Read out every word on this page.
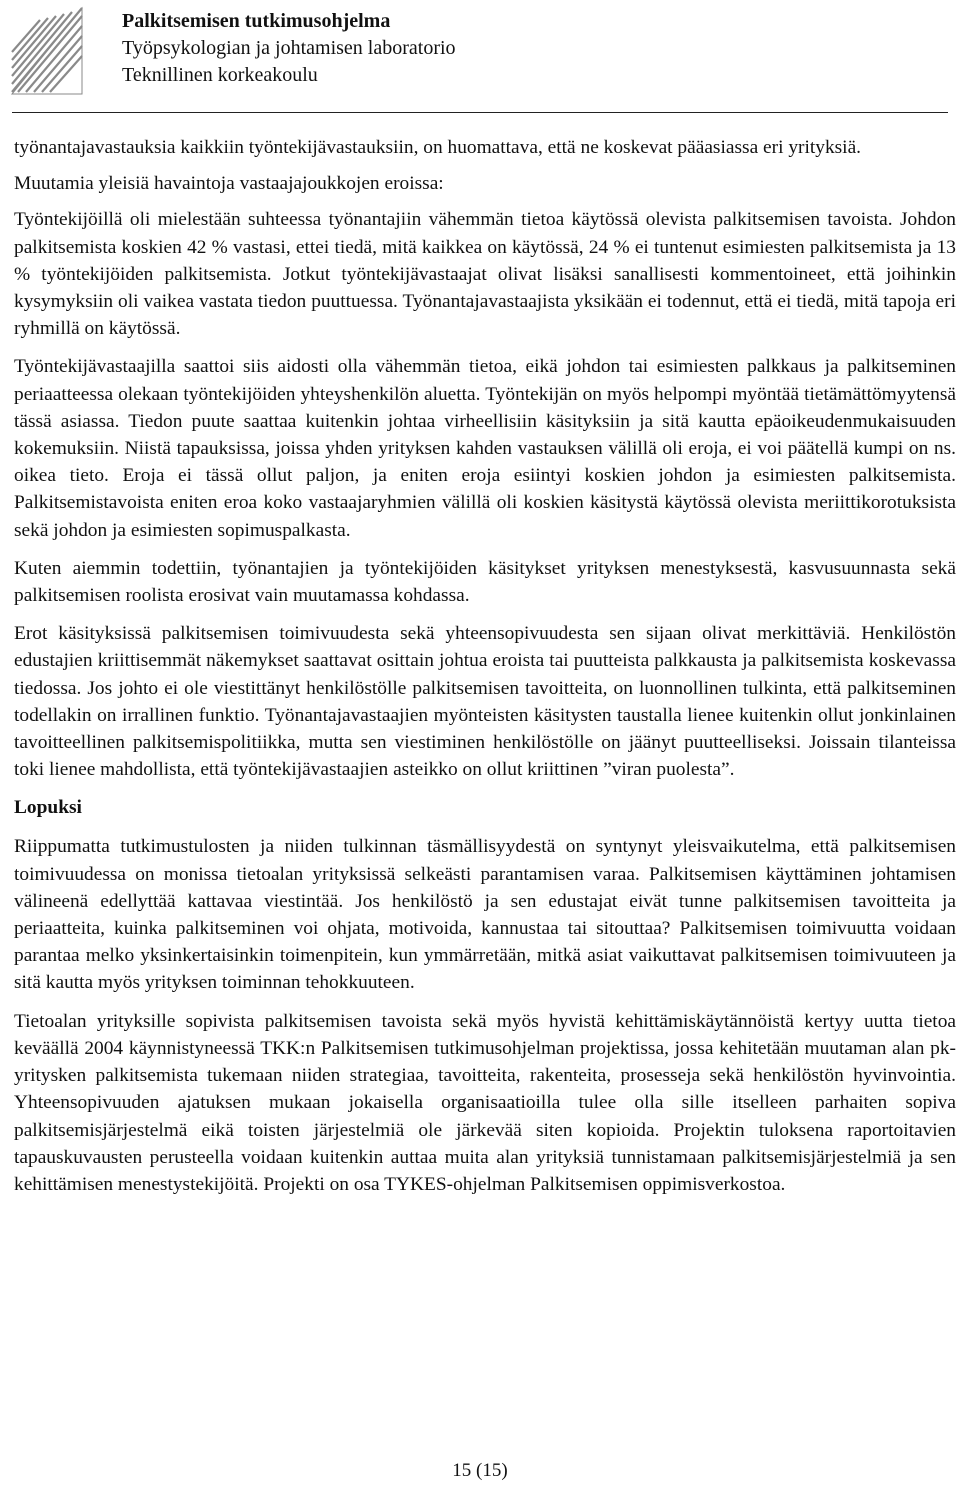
Palkitsemisen tutkimusohjelma
Työpsykologian ja johtamisen laboratorio
Teknillinen korkeakoulu

työnantajavastauksia kaikkiin työntekijävastauksiin, on huomattava, että ne koskevat pääasiassa eri yrityksiä.

Muutamia yleisiä havaintoja vastaajajoukkojen eroissa:

Työntekijöillä oli mielestään suhteessa työnantajiin vähemmän tietoa käytössä olevista palkitsemisen tavoista. Johdon palkitsemista koskien 42 % vastasi, ettei tiedä, mitä kaikkea on käytössä, 24 % ei tuntenut esimiesten palkitsemista ja 13 % työntekijöiden palkitsemista. Jotkut työntekijävastaajat olivat lisäksi sanallisesti kommentoineet, että joihinkin kysymyksiin oli vaikea vastata tiedon puuttuessa. Työnantajavastaajista yksikään ei todennut, että ei tiedä, mitä tapoja eri ryhmillä on käytössä.

Työntekijävastaajilla saattoi siis aidosti olla vähemmän tietoa, eikä johdon tai esimiesten palkkaus ja palkitseminen periaatteessa olekaan työntekijöiden yhteyshenkilön aluetta. Työntekijän on myös helpompi myöntää tietämättömyytensä tässä asiassa. Tiedon puute saattaa kuitenkin johtaa virheellisiin käsityksiin ja sitä kautta epäoikeudenmukaisuuden kokemuksiin. Niistä tapauksissa, joissa yhden yrityksen kahden vastauksen välillä oli eroja, ei voi päätellä kumpi on ns. oikea tieto. Eroja ei tässä ollut paljon, ja eniten eroja esiintyi koskien johdon ja esimiesten palkitsemista. Palkitsemistavoista eniten eroa koko vastaajaryhmien välillä oli koskien käsitystä käytössä olevista meriittikorotuksista sekä johdon ja esimiesten sopimuspalkasta.

Kuten aiemmin todettiin, työnantajien ja työntekijöiden käsitykset yrityksen menestyksestä, kasvusuunnasta sekä palkitsemisen roolista erosivat vain muutamassa kohdassa.

Erot käsityksissä palkitsemisen toimivuudesta sekä yhteensopivuudesta sen sijaan olivat merkittäviä. Henkilöstön edustajien kriittisemmät näkemykset saattavat osittain johtua eroista tai puutteista palkkausta ja palkitsemista koskevassa tiedossa. Jos johto ei ole viestittänyt henkilöstölle palkitsemisen tavoitteita, on luonnollinen tulkinta, että palkitseminen todellakin on irrallinen funktio. Työnantajavastaajien myönteisten käsitysten taustalla lienee kuitenkin ollut jonkinlainen tavoitteellinen palkitsemispolitiikka, mutta sen viestiminen henkilöstölle on jäänyt puutteelliseksi. Joissain tilanteissa toki lienee mahdollista, että työntekijävastaajien asteikko on ollut kriittinen ”viran puolesta”.

Lopuksi

Riippumatta tutkimustulosten ja niiden tulkinnan täsmällisyydestä on syntynyt yleisvaikutelma, että palkitsemisen toimivuudessa on monissa tietoalan yrityksissä selkeästi parantamisen varaa. Palkitsemisen käyttäminen johtamisen välineenä edellyttää kattavaa viestintää. Jos henkilöstö ja sen edustajat eivät tunne palkitsemisen tavoitteita ja periaatteita, kuinka palkitseminen voi ohjata, motivoida, kannustaa tai sitouttaa? Palkitsemisen toimivuutta voidaan parantaa melko yksinkertaisinkin toimenpitein, kun ymmärretään, mitkä asiat vaikuttavat palkitsemisen toimivuuteen ja sitä kautta myös yrityksen toiminnan tehokkuuteen.

Tietoalan yrityksille sopivista palkitsemisen tavoista sekä myös hyvistä kehittämiskäytännöistä kertyy uutta tietoa keväällä 2004 käynnistyneessä TKK:n Palkitsemisen tutkimusohjelman projektissa, jossa kehitetään muutaman alan pk-yritysken palkitsemista tukemaan niiden strategiaa, tavoitteita, rakenteita, prosesseja sekä henkilöstön hyvinvointia. Yhteensopivuuden ajatuksen mukaan jokaisella organisaatioilla tulee olla sille itselleen parhaiten sopiva palkitsemisjärjestelmä eikä toisten järjestelmiä ole järkevää siten kopioida. Projektin tuloksena raportoitavien tapauskuvausten perusteella voidaan kuitenkin auttaa muita alan yrityksiä tunnistamaan palkitsemisjärjestelmiä ja sen kehittämisen menestystekijöitä. Projekti on osa TYKES-ohjelman Palkitsemisen oppimisverkostoa.

15 (15)
